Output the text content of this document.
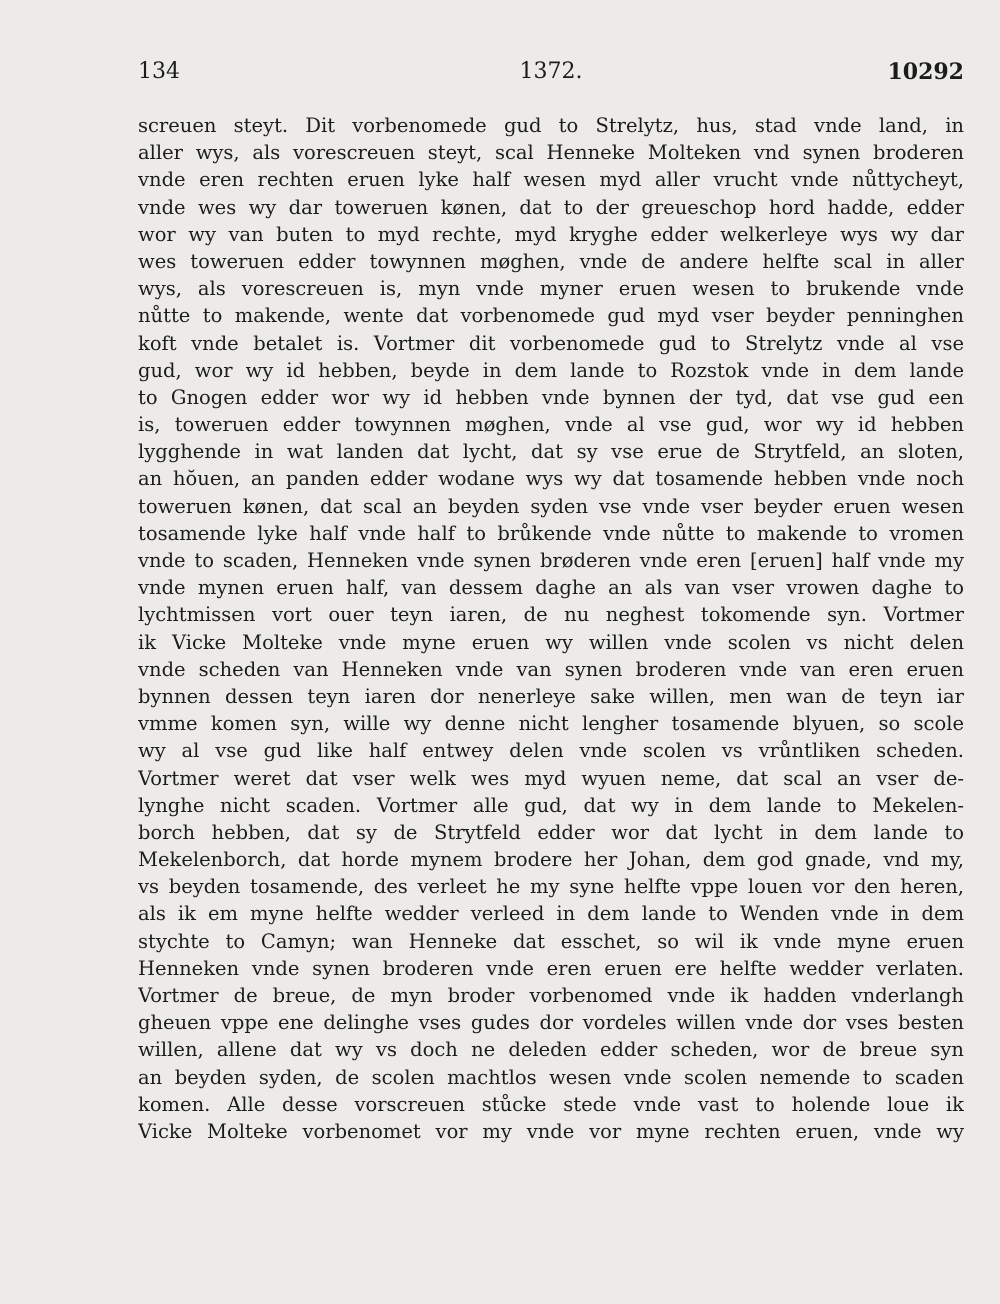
134	1372.	10292
screuen steyt. Dit vorbenomede gud to Strelytz, hus, stad vnde land, in
aller wys, als vorescreuen steyt, scal Henneke Molteken vnd synen broderen
vnde eren rechten eruen lyke half wesen myd aller vrucht vnde nůttycheyt,
vnde wes wy dar toweruen kønen, dat to der greueschop hord hadde, edder
wor wy van buten to myd rechte, myd kryghe edder welkerleye wys wy dar
wes toweruen edder towynnen møghen, vnde de andere helfte scal in aller
wys, als vorescreuen is, myn vnde myner eruen wesen to brukende vnde
nůtte to makende, wente dat vorbenomede gud myd vser beyder penninghen
koft vnde betalet is. Vortmer dit vorbenomede gud to Strelytz vnde al vse
gud, wor wy id hebben, beyde in dem lande to Rozstok vnde in dem lande
to Gnogen edder wor wy id hebben vnde bynnen der tyd, dat vse gud een
is, toweruen edder towynnen møghen, vnde al vse gud, wor wy id hebben
lygghende in wat landen dat lycht, dat sy vse erue de Strytfeld, an sloten,
an hŏuen, an panden edder wodane wys wy dat tosamende hebben vnde noch
toweruen kønen, dat scal an beyden syden vse vnde vser beyder eruen wesen
tosamende lyke half vnde half to brůkende vnde nůtte to makende to vromen
vnde to scaden, Henneken vnde synen brøderen vnde eren [eruen] half vnde my
vnde mynen eruen half, van dessem daghe an als van vser vrowen daghe to
lychtmissen vort ouer teyn iaren, de nu neghest tokomende syn. Vortmer
ik Vicke Molteke vnde myne eruen wy willen vnde scolen vs nicht delen
vnde scheden van Henneken vnde van synen broderen vnde van eren eruen
bynnen dessen teyn iaren dor nenerleye sake willen, men wan de teyn iar
vmme komen syn, wille wy denne nicht lengher tosamende blyuen, so scole
wy al vse gud like half entwey delen vnde scolen vs vrůntliken scheden.
Vortmer weret dat vser welk wes myd wyuen neme, dat scal an vser de-
lynghe nicht scaden. Vortmer alle gud, dat wy in dem lande to Mekelen-
borch hebben, dat sy de Strytfeld edder wor dat lycht in dem lande to
Mekelenborch, dat horde mynem brodere her Johan, dem god gnade, vnd my,
vs beyden tosamende, des verleet he my syne helfte vppe louen vor den heren,
als ik em myne helfte wedder verleed in dem lande to Wenden vnde in dem
stychte to Camyn; wan Henneke dat esschet, so wil ik vnde myne eruen
Henneken vnde synen broderen vnde eren eruen ere helfte wedder verlaten.
Vortmer de breue, de myn broder vorbenomed vnde ik hadden vnderlangh
gheuen vppe ene delinghe vses gudes dor vordeles willen vnde dor vses besten
willen, allene dat wy vs doch ne deleden edder scheden, wor de breue syn
an beyden syden, de scolen machtlos wesen vnde scolen nemende to scaden
komen. Alle desse vorscreuen stůcke stede vnde vast to holende loue ik
Vicke Molteke vorbenomet vor my vnde vor myne rechten eruen, vnde wy
